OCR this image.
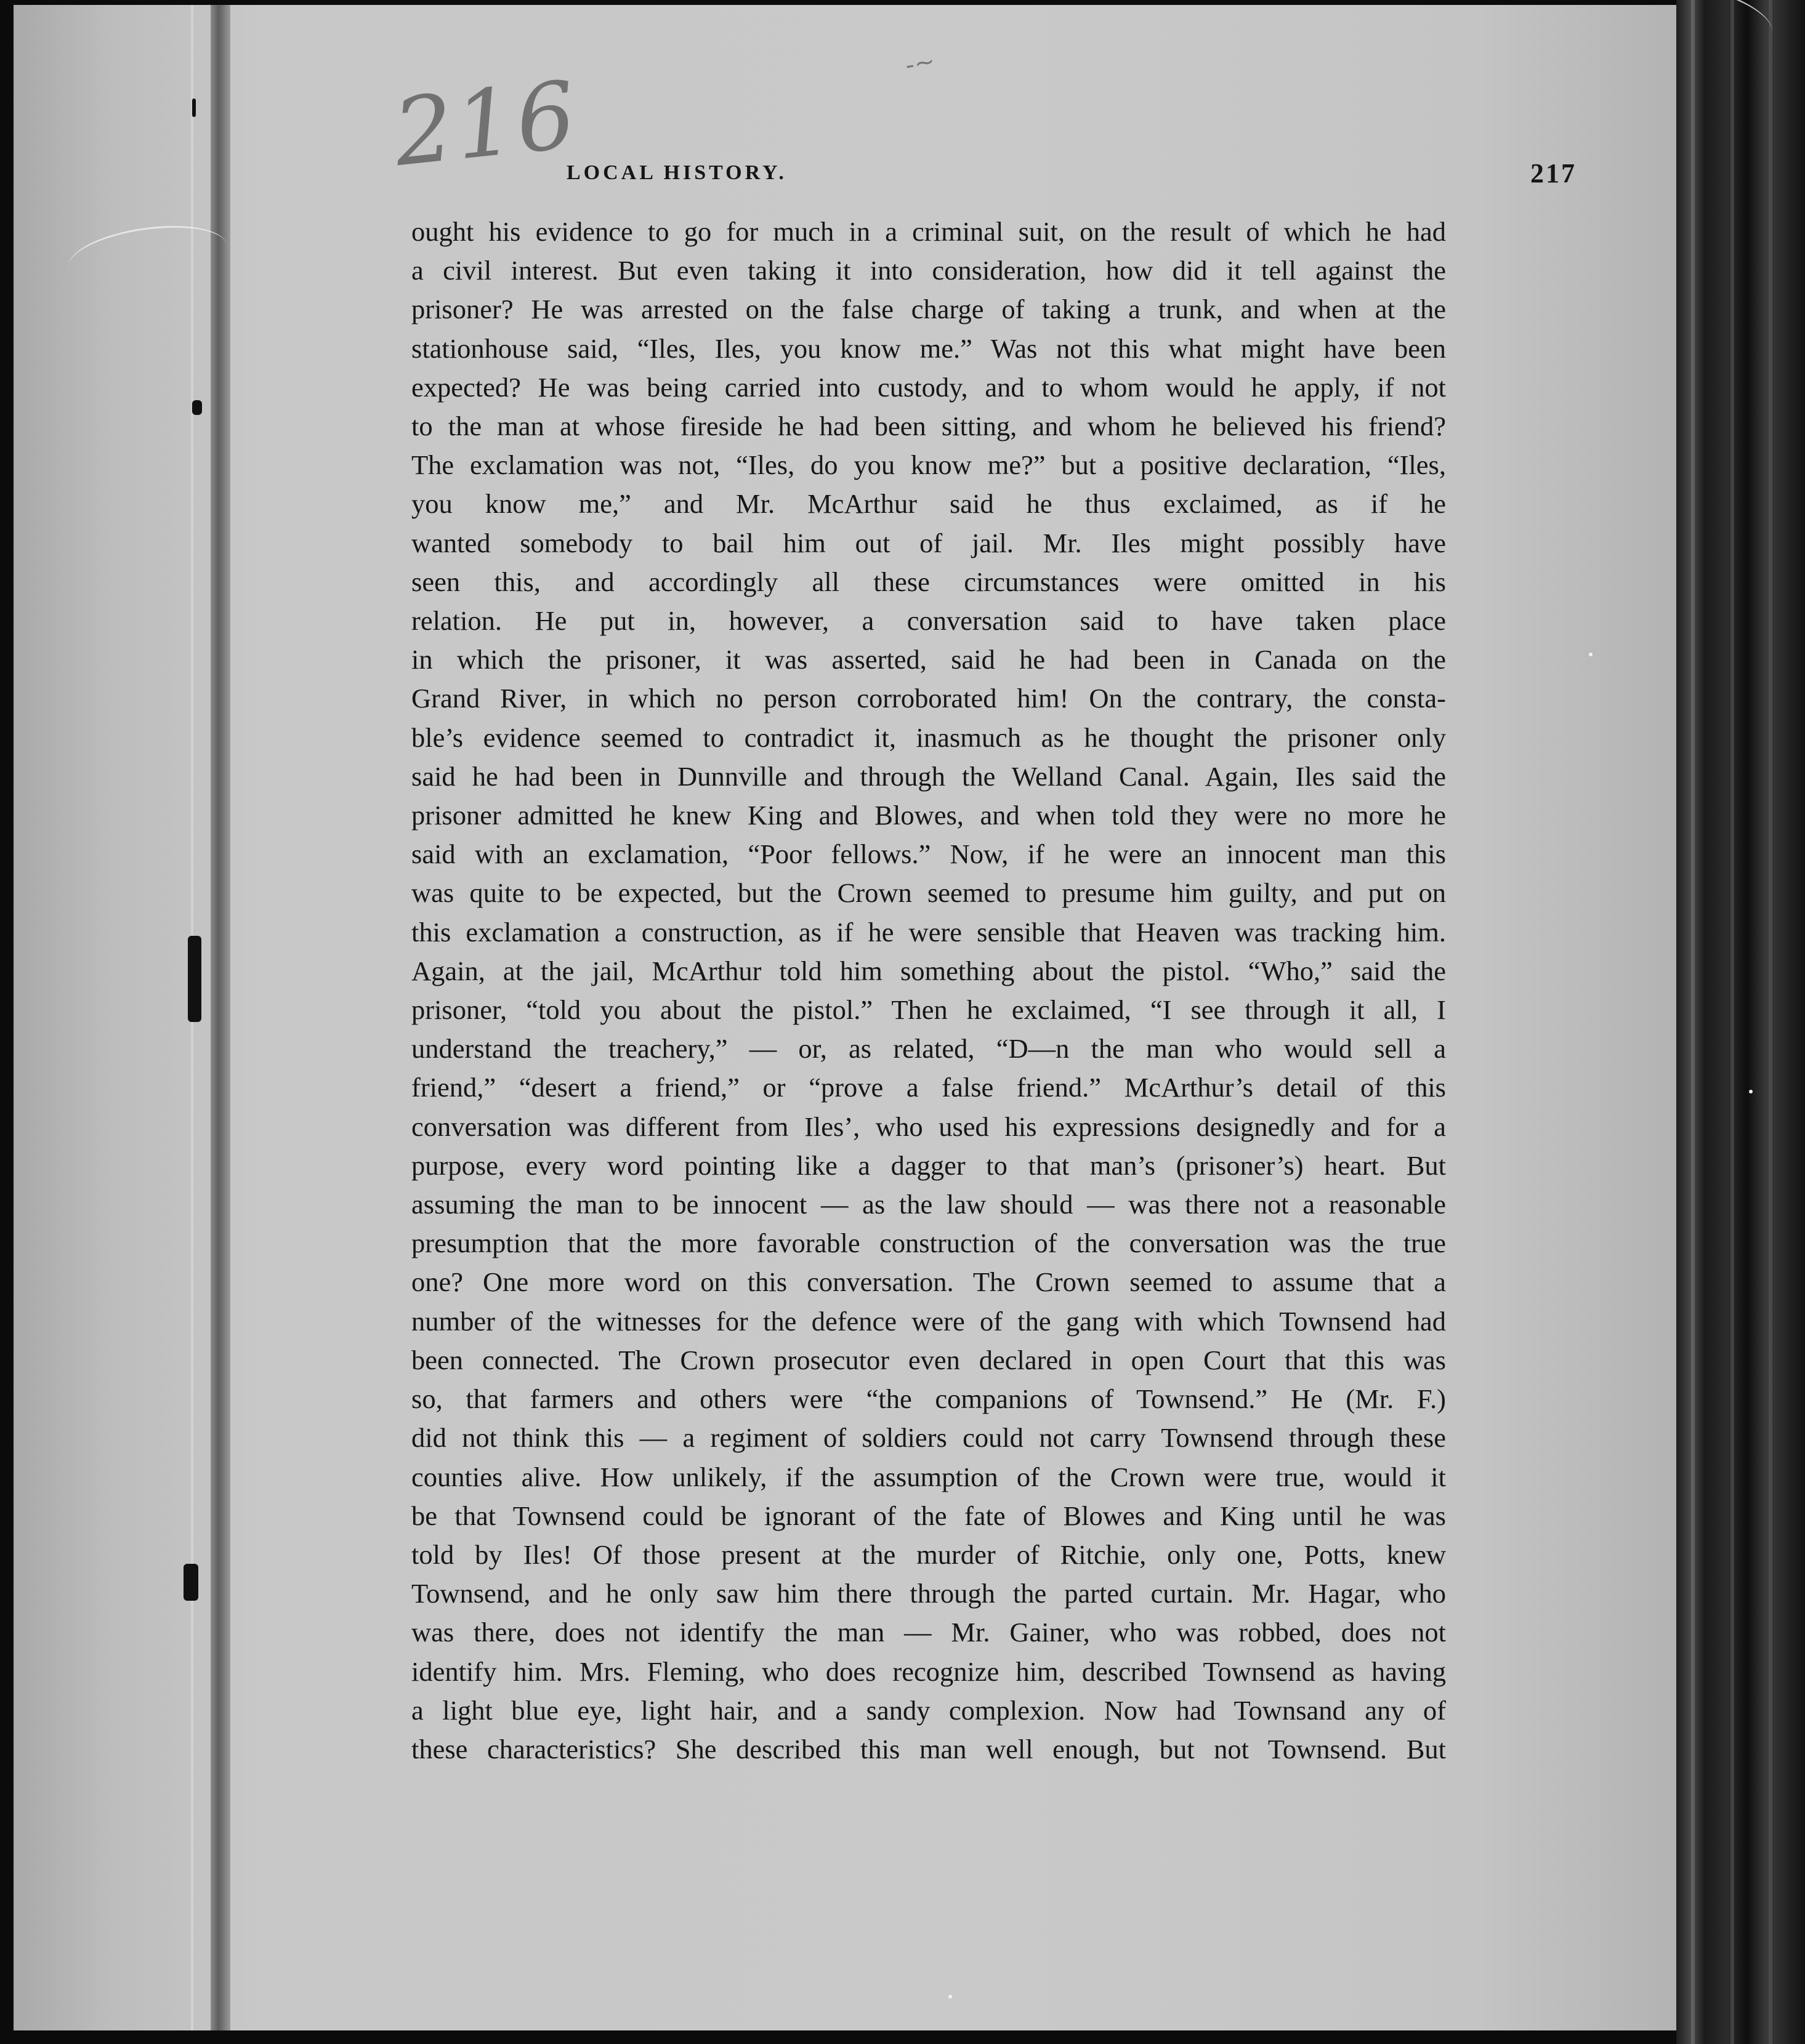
216	-~
LOCAL HISTORY.	217
ought his evidence to go for much in a criminal suit, on the result of which he had
a civil interest. But even taking it into consideration, how did it tell against the
prisoner? He was arrested on the false charge of taking a trunk, and when at the
stationhouse said, “Iles, Iles, you know me.” Was not this what might have been
expected? He was being carried into custody, and to whom would he apply, if not
to the man at whose fireside he had been sitting, and whom he believed his friend?
The exclamation was not, “Iles, do you know me?” but a positive declaration, “Iles,
you know me,” and Mr. McArthur said he thus exclaimed, as if he
wanted somebody to bail him out of jail. Mr. Iles might possibly have
seen this, and accordingly all these circumstances were omitted in his
relation. He put in, however, a conversation said to have taken place
in which the prisoner, it was asserted, said he had been in Canada on the
Grand River, in which no person corroborated him! On the contrary, the consta-
ble’s evidence seemed to contradict it, inasmuch as he thought the prisoner only
said he had been in Dunnville and through the Welland Canal. Again, Iles said the
prisoner admitted he knew King and Blowes, and when told they were no more he
said with an exclamation, “Poor fellows.” Now, if he were an innocent man this
was quite to be expected, but the Crown seemed to presume him guilty, and put on
this exclamation a construction, as if he were sensible that Heaven was tracking him.
Again, at the jail, McArthur told him something about the pistol. “Who,” said the
prisoner, “told you about the pistol.” Then he exclaimed, “I see through it all, I
understand the treachery,” — or, as related, “D—n the man who would sell a
friend,” “desert a friend,” or “prove a false friend.” McArthur’s detail of this
conversation was different from Iles’, who used his expressions designedly and for a
purpose, every word pointing like a dagger to that man’s (prisoner’s) heart. But
assuming the man to be innocent — as the law should — was there not a reasonable
presumption that the more favorable construction of the conversation was the true
one? One more word on this conversation. The Crown seemed to assume that a
number of the witnesses for the defence were of the gang with which Townsend had
been connected. The Crown prosecutor even declared in open Court that this was
so, that farmers and others were “the companions of Townsend.” He (Mr. F.)
did not think this — a regiment of soldiers could not carry Townsend through these
counties alive. How unlikely, if the assumption of the Crown were true, would it
be that Townsend could be ignorant of the fate of Blowes and King until he was
told by Iles! Of those present at the murder of Ritchie, only one, Potts, knew
Townsend, and he only saw him there through the parted curtain. Mr. Hagar, who
was there, does not identify the man — Mr. Gainer, who was robbed, does not
identify him. Mrs. Fleming, who does recognize him, described Townsend as having
a light blue eye, light hair, and a sandy complexion. Now had Townsand any of
these characteristics? She described this man well enough, but not Townsend. But
